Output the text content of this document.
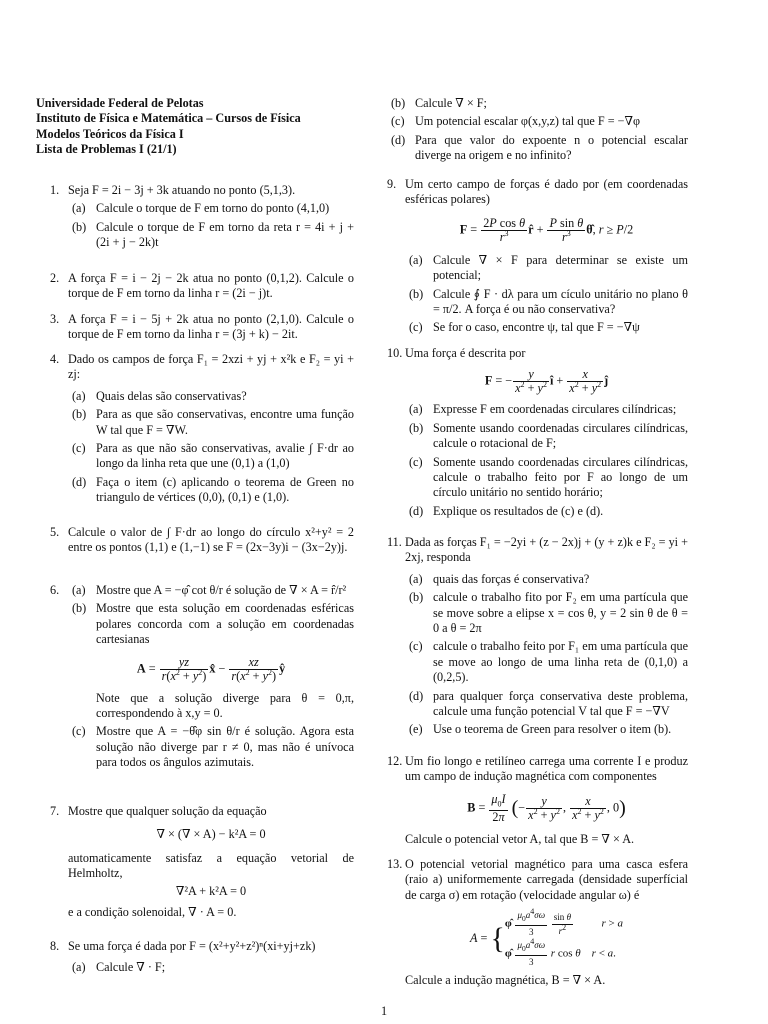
Universidade Federal de Pelotas
Instituto de Física e Matemática – Cursos de Física
Modelos Teóricos da Física I
Lista de Problemas I (21/1)
1. Seja F = 2i − 3j + 3k atuando no ponto (5,1,3).
(a) Calcule o torque de F em torno do ponto (4,1,0)
(b) Calcule o torque de F em torno da reta r = 4i + j + (2i + j − 2k)t
2. A força F = i − 2j − 2k atua no ponto (0,1,2). Calcule o torque de F em torno da linha r = (2i − j)t.
3. A força F = i − 5j + 2k atua no ponto (2,1,0). Calcule o torque de F em torno da linha r = (3j + k) − 2it.
4. Dado os campos de força F₁ = 2xzi + yj + x²k e F₂ = yi + zj:
(a) Quais delas são conservativas?
(b) Para as que são conservativas, encontre uma função W tal que F = ∇W.
(c) Para as que não são conservativas, avalie ∫ F·dr ao longo da linha reta que une (0,1) a (1,0)
(d) Faça o item (c) aplicando o teorema de Green no triangulo de vértices (0,0), (0,1) e (1,0).
5. Calcule o valor de ∫ F·dr ao longo do círculo x²+y² = 2 entre os pontos (1,1) e (1,−1) se F = (2x−3y)i − (3x−2y)j.
6.	(a) Mostre que A = −φ̂ cot θ/r é solução de ∇ × A = r̂/r²
(b) Mostre que esta solução em coordenadas esféricas polares concorda com a solução em coordenadas cartesianas
$A = \frac{yz}{r(x^2 + y^2)}$ x̂ − $\frac{xz}{r(x^2 + y^2)}$ ŷ
Note que a solução diverge para θ = 0,π, correspondendo à x,y = 0.
(c) Mostre que A = −θ̂φ sin θ/r é solução. Agora esta solução não diverge par r ≠ 0, mas não é unívoca para todos os ângulos azimutais.
7. Mostre que qualquer solução da equação
∇ × (∇ × A) − k²A = 0
automaticamente satisfaz a equação vetorial de Helmholtz,
∇²A + k²A = 0
e a condição solenoidal, ∇ · A = 0.
8. Se uma força é dada por F = (x²+y²+z²)ⁿ(xi+yj+zk)
(a) Calcule ∇ · F;
(b) Calcule ∇ × F;
(c) Um potencial escalar φ(x,y,z) tal que F = −∇φ
(d) Para que valor do expoente n o potencial escalar diverge na origem e no infinito?
9. Um certo campo de forças é dado por (em coordenadas esféricas polares)
$F = \frac{\text{2P cos θ}}{r^3}$ r̂ + $\frac{\text{P sin θ}}{r^3}$ θ̂, r ≥ P/2
(a) Calcule ∇ × F para determinar se existe um potencial;
(b) Calcule ∮ F · dλ para um cículo unitário no plano θ = π/2. A força é ou não conservativa?
(c) Se for o caso, encontre ψ, tal que F = −∇ψ
10. Uma força é descrita por
F = − $\frac{y}{x^2 + y^2}$ î + $\frac{x}{x^2 + y^2}$ ĵ
(a) Expresse F em coordenadas circulares cilíndricas;
(b) Somente usando coordenadas circulares cilíndricas, calcule o rotacional de F;
(c) Somente usando coordenadas circulares cilíndricas, calcule o trabalho feito por F ao longo de um círculo unitário no sentido horário;
(d) Explique os resultados de (c) e (d).
11. Dada as forças F₁ = −2yi + (z − 2x)j + (y + z)k e F₂ = yi + 2xj, responda
(a) quais das forças é conservativa?
(b) calcule o trabalho fito por F₂ em uma partícula que se move sobre a elipse x = cos θ, y = 2 sin θ de θ = 0 a θ = 2π
(c) calcule o trabalho feito por F₁ em uma partícula que se move ao longo de uma linha reta de (0,1,0) a (0,2,5).
(d) para qualquer força conservativa deste problema, calcule uma função potencial V tal que F = −∇V
(e) Use o teorema de Green para resolver o item (b).
12. Um fio longo e retilíneo carrega uma corrente I e produz um campo de indução magnética com componentes
$B = \frac{\mu_0I}{2\pi}$ (− $\frac{y}{x^2 + y^2}$ , $\frac{x}{x^2 + y^2}$ , 0)
Calcule o potencial vetor A, tal que B = ∇ × A.
13. O potencial vetorial magnético para uma casca esfera (raio a) uniformemente carregada (densidade superfícial de carga σ) em rotação (velocidade angular ω) é
A = { φ̂ $\frac{\mu_0a^4\sigma\omega}{3}$
$\frac{\text{sin θ}}{r^2}$	r > a
φ̂ $\frac{\mu_0a^4\sigma\omega}{3}$ r cos θ r < a.
Calcule a indução magnética, B = ∇ × A.
1
